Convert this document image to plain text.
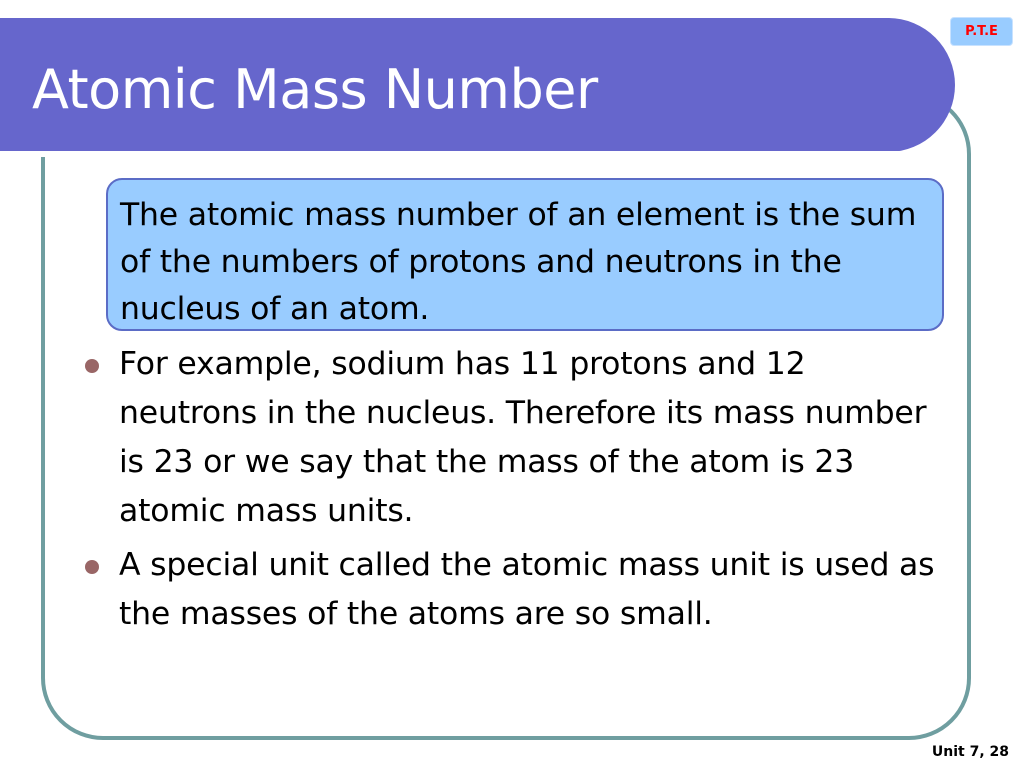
Atomic Mass Number
P.T.E
The atomic mass number of an element is the sum of the numbers of protons and neutrons in the nucleus of an atom.
For example, sodium has 11 protons and 12 neutrons in the nucleus. Therefore its mass number is 23 or we say that the mass of the atom is 23 atomic mass units.
A special unit called the atomic mass unit is used as the masses of the atoms are so small.
Unit 7, 28
